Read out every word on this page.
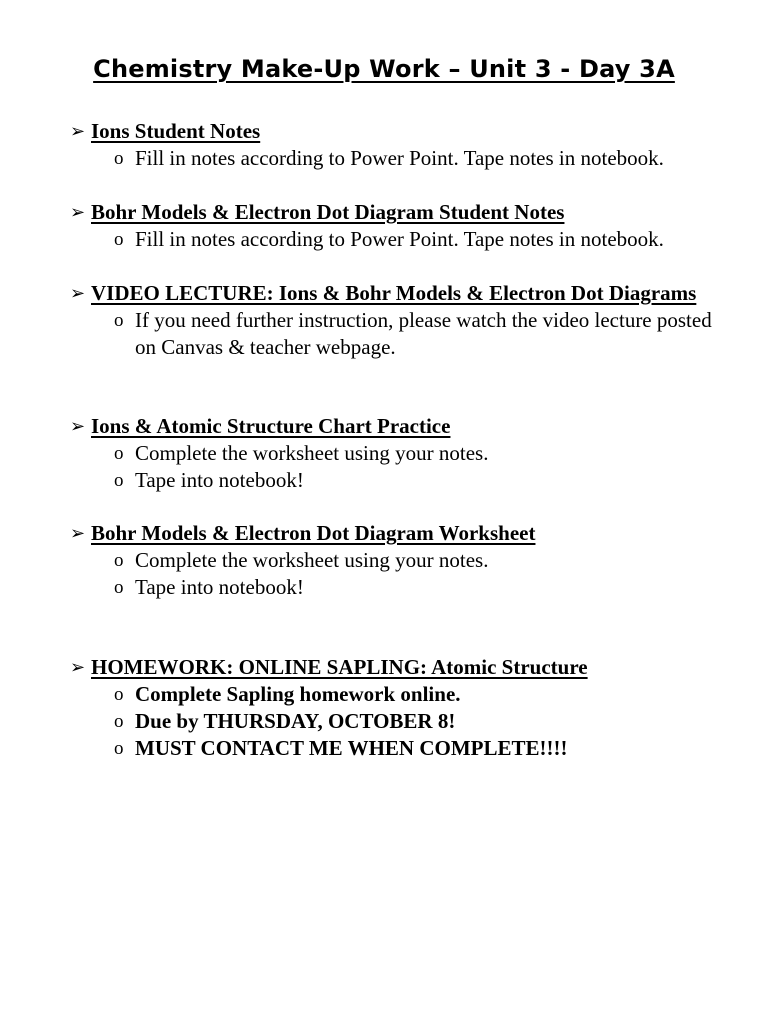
Chemistry Make-Up Work – Unit 3 - Day 3A
➢ Ions Student Notes
o Fill in notes according to Power Point. Tape notes in notebook.
➢ Bohr Models & Electron Dot Diagram Student Notes
o Fill in notes according to Power Point. Tape notes in notebook.
➢ VIDEO LECTURE: Ions & Bohr Models & Electron Dot Diagrams
o If you need further instruction, please watch the video lecture posted on Canvas & teacher webpage.
➢ Ions & Atomic Structure Chart Practice
o Complete the worksheet using your notes.
o Tape into notebook!
➢ Bohr Models & Electron Dot Diagram Worksheet
o Complete the worksheet using your notes.
o Tape into notebook!
➢ HOMEWORK: ONLINE SAPLING: Atomic Structure
o Complete Sapling homework online.
o Due by THURSDAY, OCTOBER 8!
o MUST CONTACT ME WHEN COMPLETE!!!!
